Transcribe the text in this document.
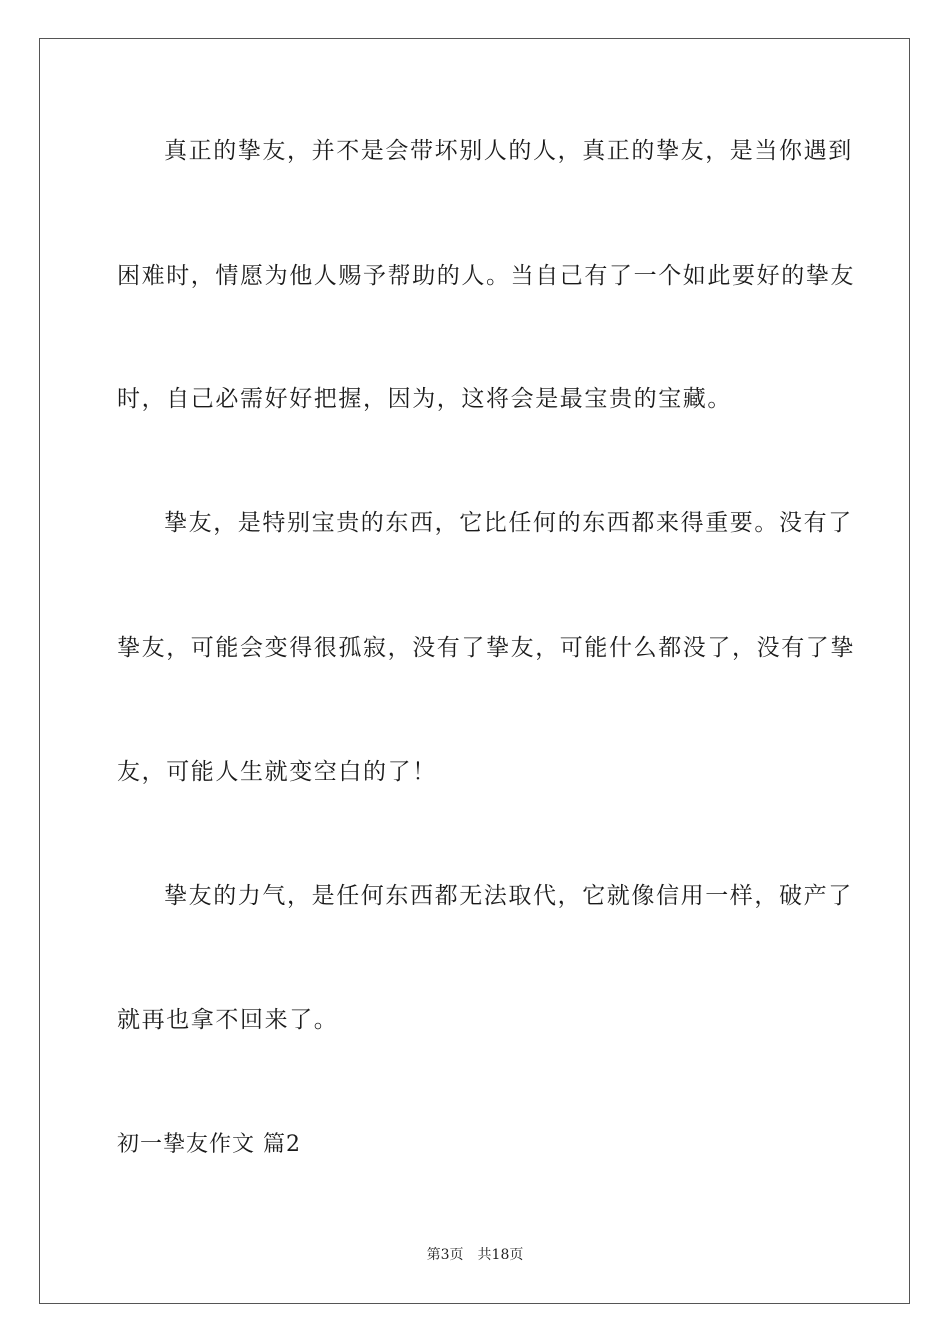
真正的挚友，并不是会带坏别人的人，真正的挚友，是当你遇到
困难时，情愿为他人赐予帮助的人。当自己有了一个如此要好的挚友
时，自己必需好好把握，因为，这将会是最宝贵的宝藏。
挚友，是特别宝贵的东西，它比任何的东西都来得重要。没有了
挚友，可能会变得很孤寂，没有了挚友，可能什么都没了，没有了挚
友，可能人生就变空白的了！
挚友的力气，是任何东西都无法取代，它就像信用一样，破产了
就再也拿不回来了。
初一挚友作文 篇2
第3页 共18页
